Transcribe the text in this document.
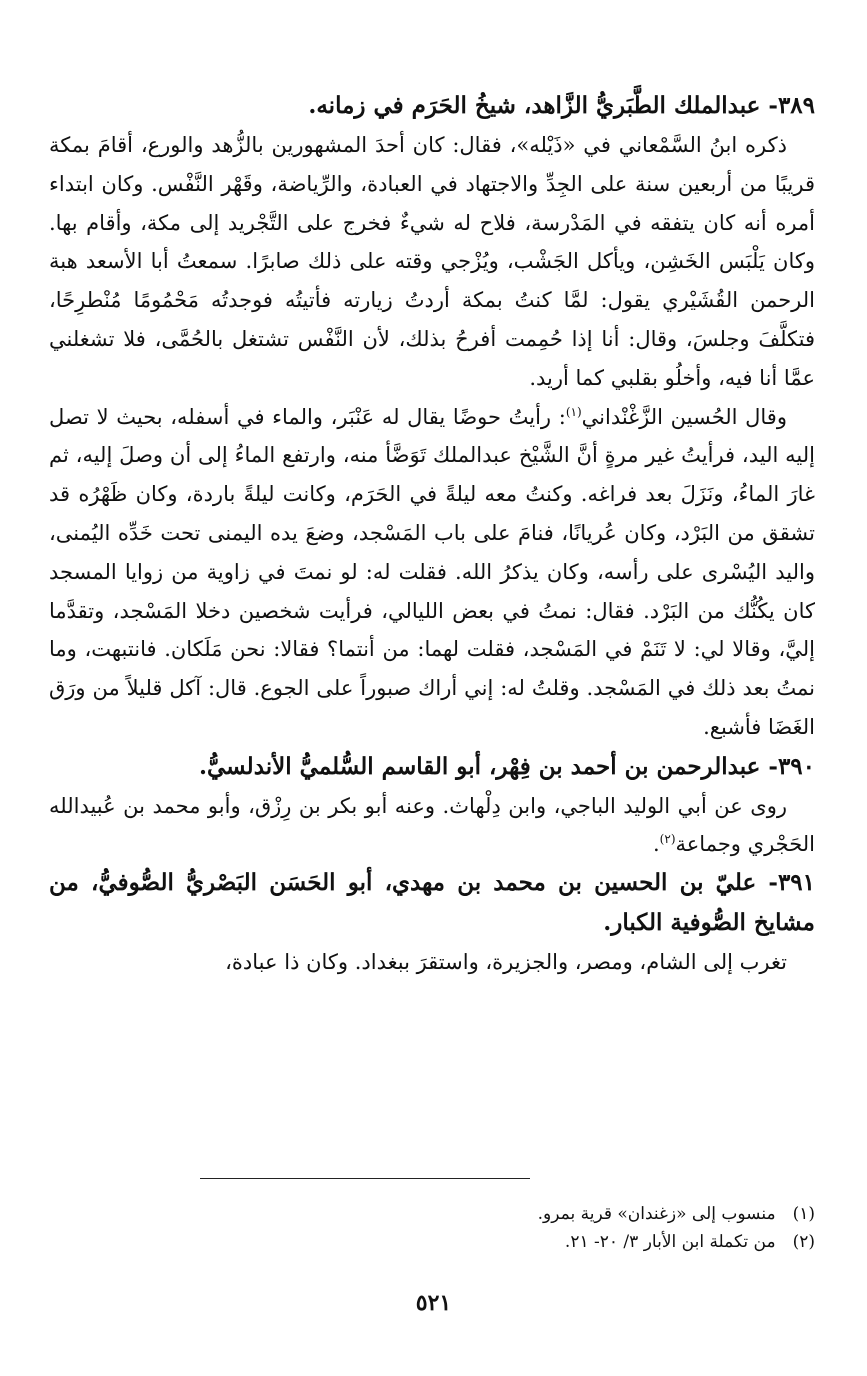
٣٨٩- عبدالملك الطَّبَريُّ الزَّاهد، شيخُ الحَرَم في زمانه.

ذكره ابنُ السَّمْعاني في «ذَيْله»، فقال: كان أحدَ المشهورين بالزُّهد والورع، أقامَ بمكة قريبًا من أربعين سنة على الجِدِّ والاجتهاد في العبادة، والرِّياضة، وقَهْر النَّفْس. وكان ابتداء أمره أنه كان يتفقه في المَدْرسة، فلاح له شيءٌ فخرج على التَّجْريد إلى مكة، وأقام بها. وكان يَلْبَس الخَشِن، ويأكل الجَشْب، ويُزْجي وقته على ذلك صابرًا. سمعتُ أبا الأسعد هبة الرحمن القُشَيْري يقول: لمَّا كنتُ بمكة أردتُ زيارته فأتيتُه فوجدتُه مَحْمُومًا مُنْطرِحًا، فتكلَّفَ وجلسَ، وقال: أنا إذا حُمِمت أفرحُ بذلك، لأن النَّفْس تشتغل بالحُمَّى، فلا تشغلني عمَّا أنا فيه، وأخلُو بقلبي كما أريد.

وقال الحُسين الزَّغْنْداني$^{(١)}$: رأيتُ حوضًا يقال له عَنْبَر، والماء في أسفله، بحيث لا تصل إليه اليد، فرأيتُ غير مرةٍ أنَّ الشَّيْخ عبدالملك تَوَضَّأ منه، وارتفع الماءُ إلى أن وصلَ إليه، ثم غارَ الماءُ، ونَزَلَ بعد فراغه. وكنتُ معه ليلةً في الحَرَم، وكانت ليلةً باردة، وكان ظَهْرُه قد تشقق من البَرْد، وكان عُريانًا، فنامَ على باب المَسْجد، وضعَ يده اليمنى تحت خَدِّه اليُمنى، واليد اليُسْرى على رأسه، وكان يذكرُ الله. فقلت له: لو نمتَ في زاوية من زوايا المسجد كان يكُنُّك من البَرْد. فقال: نمتُ في بعض الليالي، فرأيت شخصين دخلا المَسْجد، وتقدَّما إليَّ، وقالا لي: لا تَنَمْ في المَسْجد، فقلت لهما: من أنتما؟ فقالا: نحن مَلَكان. فانتبهت، وما نمتُ بعد ذلك في المَسْجد. وقلتُ له: إني أراك صبوراً على الجوع. قال: آكل قليلاً من ورَق الغَضَا فأشبع.

٣٩٠- عبدالرحمن بن أحمد بن فِهْر، أبو القاسم السُّلميُّ الأندلسيُّ.

روى عن أبي الوليد الباجي، وابن دِلْهاث. وعنه أبو بكر بن رِزْق، وأبو محمد بن عُبيدالله الحَجْري وجماعة$^{(٢)}$.

٣٩١- عليّ بن الحسين بن محمد بن مهدي، أبو الحَسَن البَصْريُّ الصُّوفيُّ، من مشايخ الصُّوفية الكبار.

تغرب إلى الشام، ومصر، والجزيرة، واستقرَ ببغداد. وكان ذا عبادة،

(١) منسوب إلى «زغندان» قرية بمرو.

(٢) من تكملة ابن الأبار ٣/ ٢٠- ٢١.

٥٢١
